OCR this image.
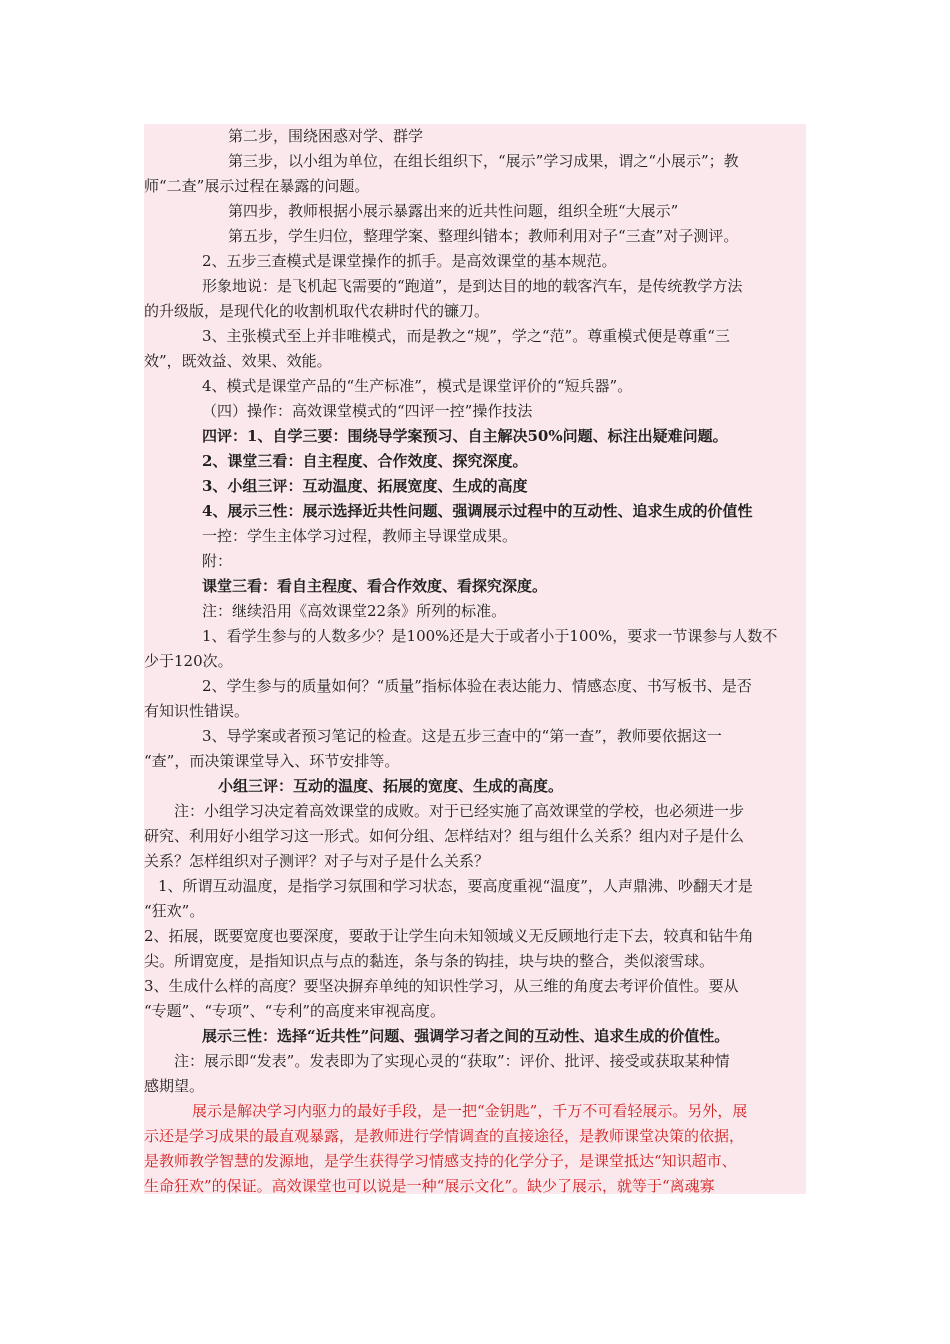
第二步，围绕困惑对学、群学
第三步，以小组为单位，在组长组织下，“展示”学习成果，谓之“小展示”；教
师“二查”展示过程在暴露的问题。
第四步，教师根据小展示暴露出来的近共性问题，组织全班“大展示”
第五步，学生归位，整理学案、整理纠错本；教师利用对子“三查”对子测评。
2、五步三查模式是课堂操作的抓手。是高效课堂的基本规范。
形象地说：是飞机起飞需要的“跑道”，是到达目的地的载客汽车，是传统教学方法
的升级版，是现代化的收割机取代农耕时代的镰刀。
3、主张模式至上并非唯模式，而是教之“规”，学之“范”。尊重模式便是尊重“三
效”，既效益、效果、效能。
4、模式是课堂产品的“生产标准”，模式是课堂评价的“短兵器”。
（四）操作：高效课堂模式的“四评一控”操作技法
四评：1、自学三要：围绕导学案预习、自主解决50%问题、标注出疑难问题。
2、课堂三看：自主程度、合作效度、探究深度。
3、小组三评：互动温度、拓展宽度、生成的高度
4、展示三性：展示选择近共性问题、强调展示过程中的互动性、追求生成的价值性
一控：学生主体学习过程，教师主导课堂成果。
附：
课堂三看：看自主程度、看合作效度、看探究深度。
注：继续沿用《高效课堂22条》所列的标准。
1、看学生参与的人数多少？是100%还是大于或者小于100%，要求一节课参与人数不
少于120次。
2、学生参与的质量如何？“质量”指标体验在表达能力、情感态度、书写板书、是否
有知识性错误。
3、导学案或者预习笔记的检查。这是五步三查中的“第一查”，教师要依据这一
“查”，而决策课堂导入、环节安排等。
小组三评：互动的温度、拓展的宽度、生成的高度。
注：小组学习决定着高效课堂的成败。对于已经实施了高效课堂的学校，也必须进一步
研究、利用好小组学习这一形式。如何分组、怎样结对？组与组什么关系？组内对子是什么
关系？怎样组织对子测评？对子与对子是什么关系？
1、所谓互动温度，是指学习氛围和学习状态，要高度重视“温度”，人声鼎沸、吵翻天才是
“狂欢”。
2、拓展，既要宽度也要深度，要敢于让学生向未知领域义无反顾地行走下去，较真和钻牛角
尖。所谓宽度，是指知识点与点的黏连，条与条的钩挂，块与块的整合，类似滚雪球。
3、生成什么样的高度？要坚决摒弃单纯的知识性学习，从三维的角度去考评价值性。要从
“专题”、“专项”、“专利”的高度来审视高度。
展示三性：选择“近共性”问题、强调学习者之间的互动性、追求生成的价值性。
注：展示即“发表”。发表即为了实现心灵的“获取”：评价、批评、接受或获取某种情
感期望。
展示是解决学习内驱力的最好手段，是一把“金钥匙”，千万不可看轻展示。另外，展
示还是学习成果的最直观暴露，是教师进行学情调查的直接途径，是教师课堂决策的依据，
是教师教学智慧的发源地，是学生获得学习情感支持的化学分子，是课堂抵达“知识超市、
生命狂欢”的保证。高效课堂也可以说是一种“展示文化”。缺少了展示，就等于“离魂寡
